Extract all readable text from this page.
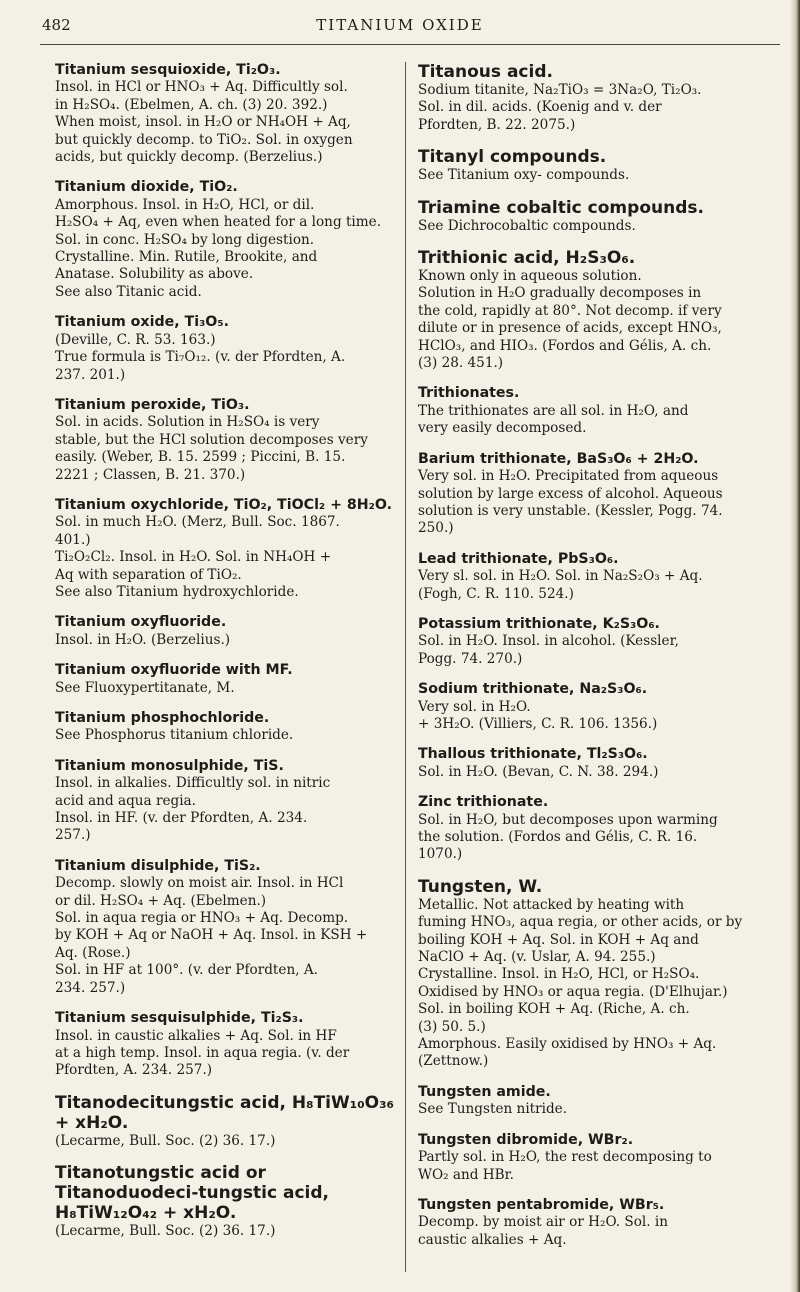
482	TITANIUM OXIDE

Titanium sesquioxide, Ti₂O₃.

Insol. in HCl or HNO₃ + Aq. Difficultly sol.
in H₂SO₄. (Ebelmen, A. ch. (3) 20. 392.)
When moist, insol. in H₂O or NH₄OH + Aq,
but quickly decomp. to TiO₂. Sol. in oxygen
acids, but quickly decomp. (Berzelius.)

Titanium dioxide, TiO₂.

Amorphous. Insol. in H₂O, HCl, or dil.
H₂SO₄ + Aq, even when heated for a long time.
Sol. in conc. H₂SO₄ by long digestion.
Crystalline. Min. Rutile, Brookite, and
Anatase. Solubility as above.
See also Titanic acid.

Titanium oxide, Ti₃O₅.

(Deville, C. R. 53. 163.)
True formula is Ti₇O₁₂. (v. der Pfordten, A.
237. 201.)

Titanium peroxide, TiO₃.

Sol. in acids. Solution in H₂SO₄ is very
stable, but the HCl solution decomposes very
easily. (Weber, B. 15. 2599 ; Piccini, B. 15.
2221 ; Classen, B. 21. 370.)

Titanium oxychloride, TiO₂, TiOCl₂ + 8H₂O.

Sol. in much H₂O. (Merz, Bull. Soc. 1867.
401.)
Ti₂O₂Cl₂. Insol. in H₂O. Sol. in NH₄OH +
Aq with separation of TiO₂.
See also Titanium hydroxychloride.

Titanium oxyfluoride.

Insol. in H₂O. (Berzelius.)

Titanium oxyfluoride with MF.

See Fluoxypertitanate, M.

Titanium phosphochloride.

See Phosphorus titanium chloride.

Titanium monosulphide, TiS.

Insol. in alkalies. Difficultly sol. in nitric
acid and aqua regia.
Insol. in HF. (v. der Pfordten, A. 234.
257.)

Titanium disulphide, TiS₂.

Decomp. slowly on moist air. Insol. in HCl
or dil. H₂SO₄ + Aq. (Ebelmen.)
Sol. in aqua regia or HNO₃ + Aq. Decomp.
by KOH + Aq or NaOH + Aq. Insol. in KSH +
Aq. (Rose.)
Sol. in HF at 100°. (v. der Pfordten, A.
234. 257.)

Titanium sesquisulphide, Ti₂S₃.

Insol. in caustic alkalies + Aq. Sol. in HF
at a high temp. Insol. in aqua regia. (v. der
Pfordten, A. 234. 257.)

Titanodecitungstic acid, H₈TiW₁₀O₃₆ + xH₂O.

(Lecarme, Bull. Soc. (2) 36. 17.)

Titanotungstic acid or Titanoduodeci-tungstic acid, H₈TiW₁₂O₄₂ + xH₂O.

(Lecarme, Bull. Soc. (2) 36. 17.)

Titanous acid.

Sodium titanite, Na₂TiO₃ = 3Na₂O, Ti₂O₃.
Sol. in dil. acids. (Koenig and v. der
Pfordten, B. 22. 2075.)

Titanyl compounds.

See Titanium oxy- compounds.

Triamine cobaltic compounds.

See Dichrocobaltic compounds.

Trithionic acid, H₂S₃O₆.

Known only in aqueous solution.
Solution in H₂O gradually decomposes in
the cold, rapidly at 80°. Not decomp. if very
dilute or in presence of acids, except HNO₃,
HClO₃, and HIO₃. (Fordos and Gélis, A. ch.
(3) 28. 451.)

Trithionates.

The trithionates are all sol. in H₂O, and
very easily decomposed.

Barium trithionate, BaS₃O₆ + 2H₂O.

Very sol. in H₂O. Precipitated from aqueous
solution by large excess of alcohol. Aqueous
solution is very unstable. (Kessler, Pogg. 74.
250.)

Lead trithionate, PbS₃O₆.

Very sl. sol. in H₂O. Sol. in Na₂S₂O₃ + Aq.
(Fogh, C. R. 110. 524.)

Potassium trithionate, K₂S₃O₆.

Sol. in H₂O. Insol. in alcohol. (Kessler,
Pogg. 74. 270.)

Sodium trithionate, Na₂S₃O₆.

Very sol. in H₂O.
+ 3H₂O. (Villiers, C. R. 106. 1356.)

Thallous trithionate, Tl₂S₃O₆.

Sol. in H₂O. (Bevan, C. N. 38. 294.)

Zinc trithionate.

Sol. in H₂O, but decomposes upon warming
the solution. (Fordos and Gélis, C. R. 16.
1070.)

Tungsten, W.

Metallic. Not attacked by heating with
fuming HNO₃, aqua regia, or other acids, or by
boiling KOH + Aq. Sol. in KOH + Aq and
NaClO + Aq. (v. Uslar, A. 94. 255.)
Crystalline. Insol. in H₂O, HCl, or H₂SO₄.
Oxidised by HNO₃ or aqua regia. (D'Elhujar.)
Sol. in boiling KOH + Aq. (Riche, A. ch.
(3) 50. 5.)
Amorphous. Easily oxidised by HNO₃ + Aq.
(Zettnow.)

Tungsten amide.

See Tungsten nitride.

Tungsten dibromide, WBr₂.

Partly sol. in H₂O, the rest decomposing to
WO₂ and HBr.

Tungsten pentabromide, WBr₅.

Decomp. by moist air or H₂O. Sol. in
caustic alkalies + Aq.
